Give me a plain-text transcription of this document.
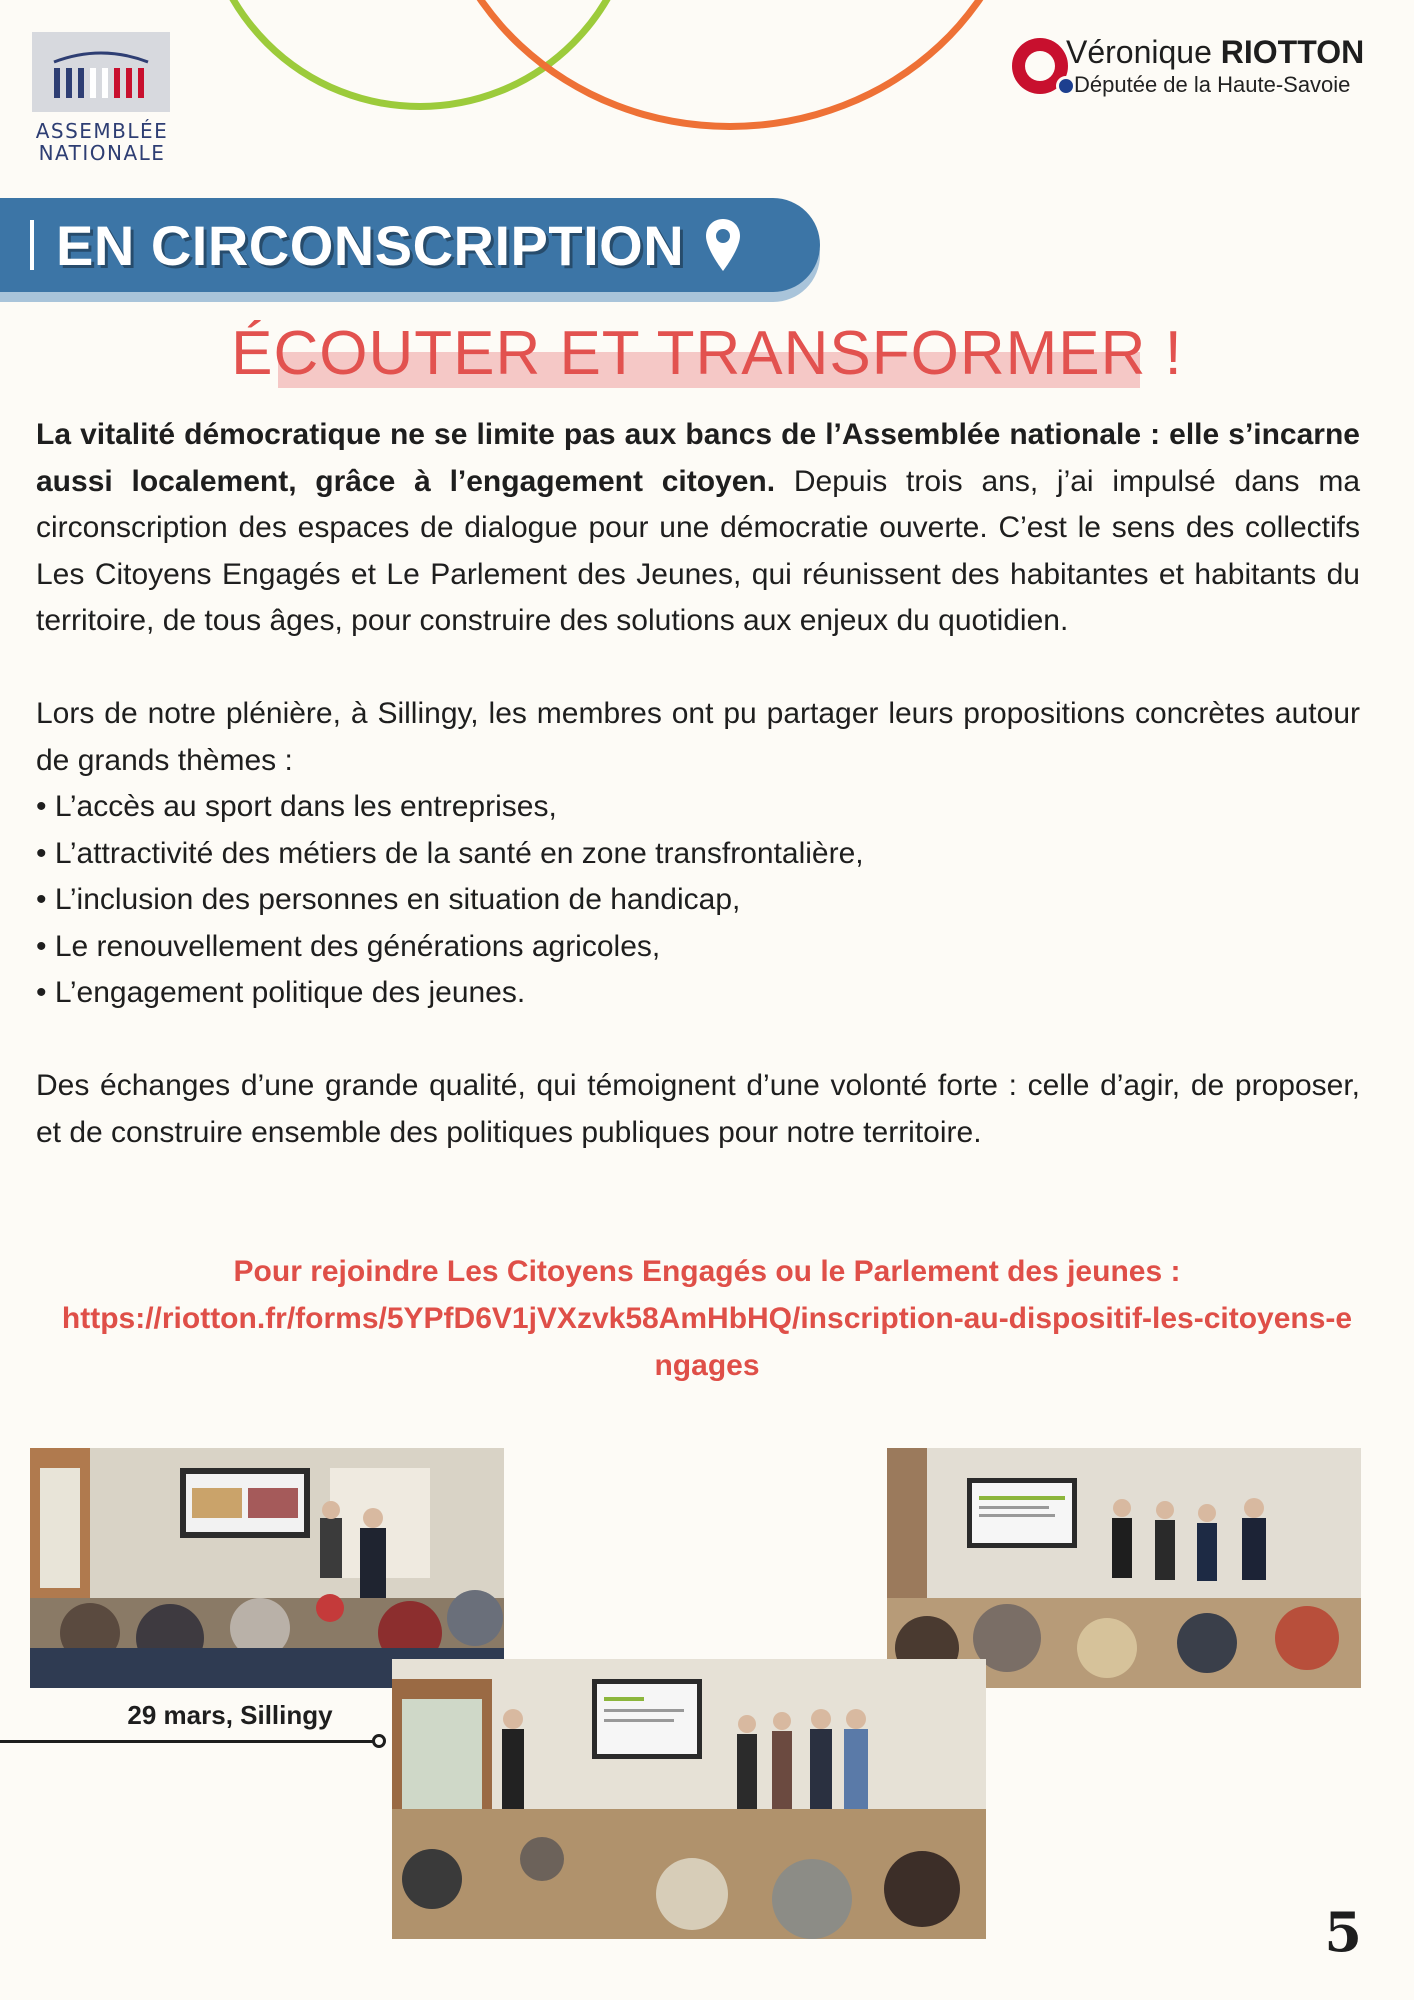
ASSEMBLÉE
NATIONALE
Véronique RIOTTON
Députée de la Haute-Savoie
EN CIRCONSCRIPTION
ÉCOUTER ET TRANSFORMER !

La vitalité démocratique ne se limite pas aux bancs de l’Assemblée nationale : elle s’incarne aussi localement, grâce à l’engagement citoyen. Depuis trois ans, j’ai impulsé dans ma circonscription des espaces de dialogue pour une démocratie ouverte. C’est le sens des collectifs Les Citoyens Engagés et Le Parlement des Jeunes, qui réunissent des habitantes et habitants du territoire, de tous âges, pour construire des solutions aux enjeux du quotidien.

Lors de notre plénière, à Sillingy, les membres ont pu partager leurs propositions concrètes autour de grands thèmes :

• L’accès au sport dans les entreprises,
• L’attractivité des métiers de la santé en zone transfrontalière,
• L’inclusion des personnes en situation de handicap,
• Le renouvellement des générations agricoles,
• L’engagement politique des jeunes.

Des échanges d’une grande qualité, qui témoignent d’une volonté forte : celle d’agir, de proposer, et de construire ensemble des politiques publiques pour notre territoire.

Pour rejoindre Les Citoyens Engagés ou le Parlement des jeunes :
https://riotton.fr/forms/5YPfD6V1jVXzvk58AmHbHQ/inscription-au-dispositif-les-citoyens-engages
29 mars, Sillingy
5
